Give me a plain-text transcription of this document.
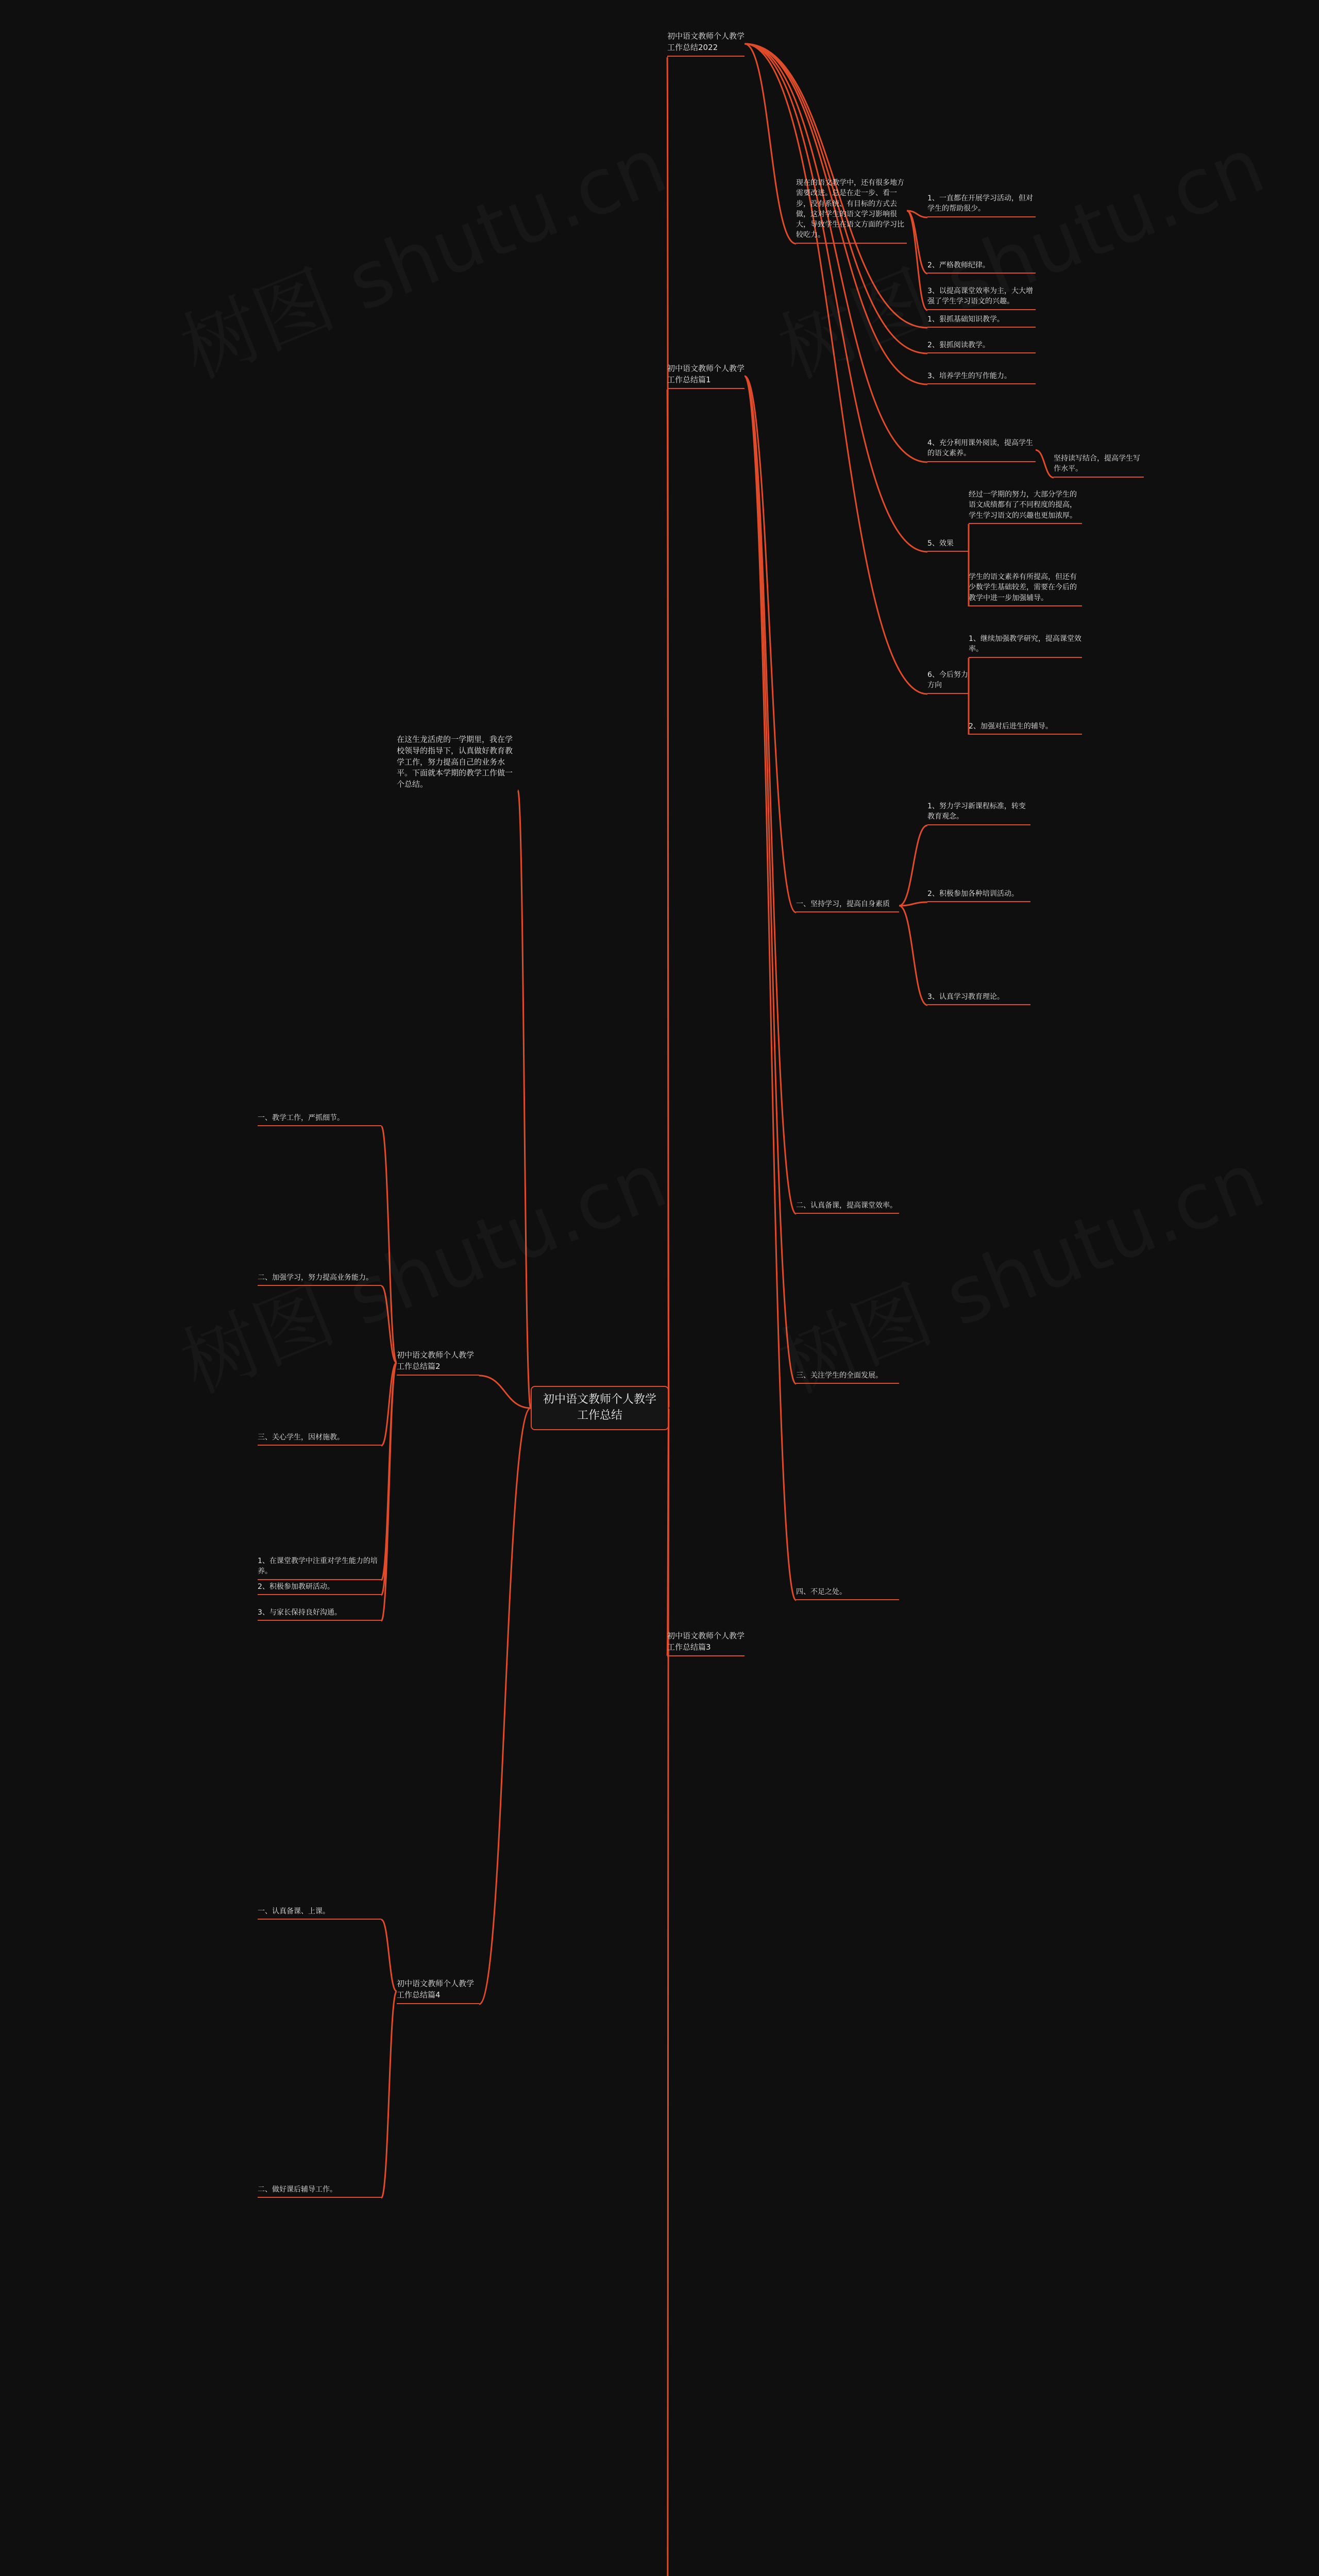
初中语文教师个人教学工作总结
初中语文教师个人教学工作总结2022
初中语文教师个人教学工作总结篇1
初中语文教师个人教学工作总结篇3
在这生龙活虎的一学期里，我在学校领导的指导下，认真做好教育教学工作，努力提高自己的业务水平。下面就本学期的教学工作做一个总结。
初中语文教师个人教学工作总结篇2
初中语文教师个人教学工作总结篇4
现在的语文教学中，还有很多地方需要改进。总是在走一步、看一步，没有系统、有目标的方式去做，这对学生的语文学习影响很大，导致学生在语文方面的学习比较吃力。
1、一直都在开展学习活动，但对学生的帮助很少。
2、严格教师纪律。
3、以提高课堂效率为主，大大增强了学生学习语文的兴趣。
1、狠抓基础知识教学。
2、狠抓阅读教学。
3、培养学生的写作能力。
4、充分利用课外阅读，提高学生的语文素养。
坚持读写结合，提高学生写作水平。
5、效果
经过一学期的努力，大部分学生的语文成绩都有了不同程度的提高，学生学习语文的兴趣也更加浓厚。
学生的语文素养有所提高，但还有少数学生基础较差，需要在今后的教学中进一步加强辅导。
6、今后努力方向
1、继续加强教学研究，提高课堂效率。
2、加强对后进生的辅导。
一、坚持学习，提高自身素质
1、努力学习新课程标准，转变教育观念。
2、积极参加各种培训活动。
3、认真学习教育理论。
二、认真备课，提高课堂效率。
三、关注学生的全面发展。
四、不足之处。
一、教学工作，严抓细节。
二、加强学习，努力提高业务能力。
三、关心学生，因材施教。
1、在课堂教学中注重对学生能力的培养。
2、积极参加教研活动。
3、与家长保持良好沟通。
一、认真备课、上课。
二、做好课后辅导工作。
